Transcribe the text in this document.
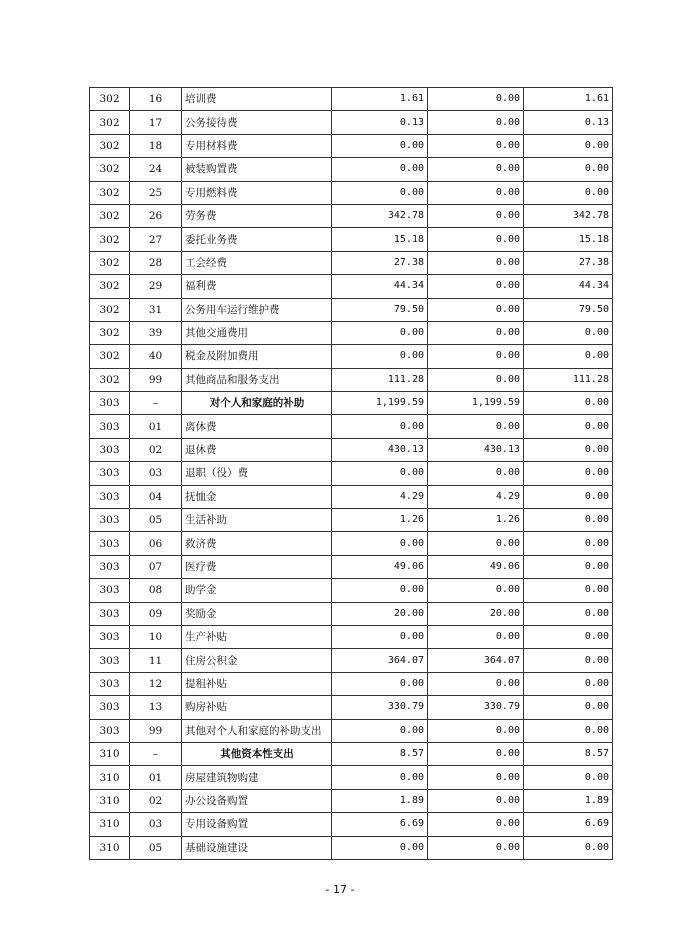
302	16	培训费	1.61	0.00	1.61
302	17	公务接待费	0.13	0.00	0.13
302	18	专用材料费	0.00	0.00	0.00
302	24	被装购置费	0.00	0.00	0.00
302	25	专用燃料费	0.00	0.00	0.00
302	26	劳务费	342.78	0.00	342.78
302	27	委托业务费	15.18	0.00	15.18
302	28	工会经费	27.38	0.00	27.38
302	29	福利费	44.34	0.00	44.34
302	31	公务用车运行维护费	79.50	0.00	79.50
302	39	其他交通费用	0.00	0.00	0.00
302	40	税金及附加费用	0.00	0.00	0.00
302	99	其他商品和服务支出	111.28	0.00	111.28
303	–	对个人和家庭的补助	1,199.59	1,199.59	0.00
303	01	离休费	0.00	0.00	0.00
303	02	退休费	430.13	430.13	0.00
303	03	退职（役）费	0.00	0.00	0.00
303	04	抚恤金	4.29	4.29	0.00
303	05	生活补助	1.26	1.26	0.00
303	06	救济费	0.00	0.00	0.00
303	07	医疗费	49.06	49.06	0.00
303	08	助学金	0.00	0.00	0.00
303	09	奖励金	20.00	20.00	0.00
303	10	生产补贴	0.00	0.00	0.00
303	11	住房公积金	364.07	364.07	0.00
303	12	提租补贴	0.00	0.00	0.00
303	13	购房补贴	330.79	330.79	0.00
303	99	其他对个人和家庭的补助支出	0.00	0.00	0.00
310	–	其他资本性支出	8.57	0.00	8.57
310	01	房屋建筑物购建	0.00	0.00	0.00
310	02	办公设备购置	1.89	0.00	1.89
310	03	专用设备购置	6.69	0.00	6.69
310	05	基础设施建设	0.00	0.00	0.00
- 17 -
